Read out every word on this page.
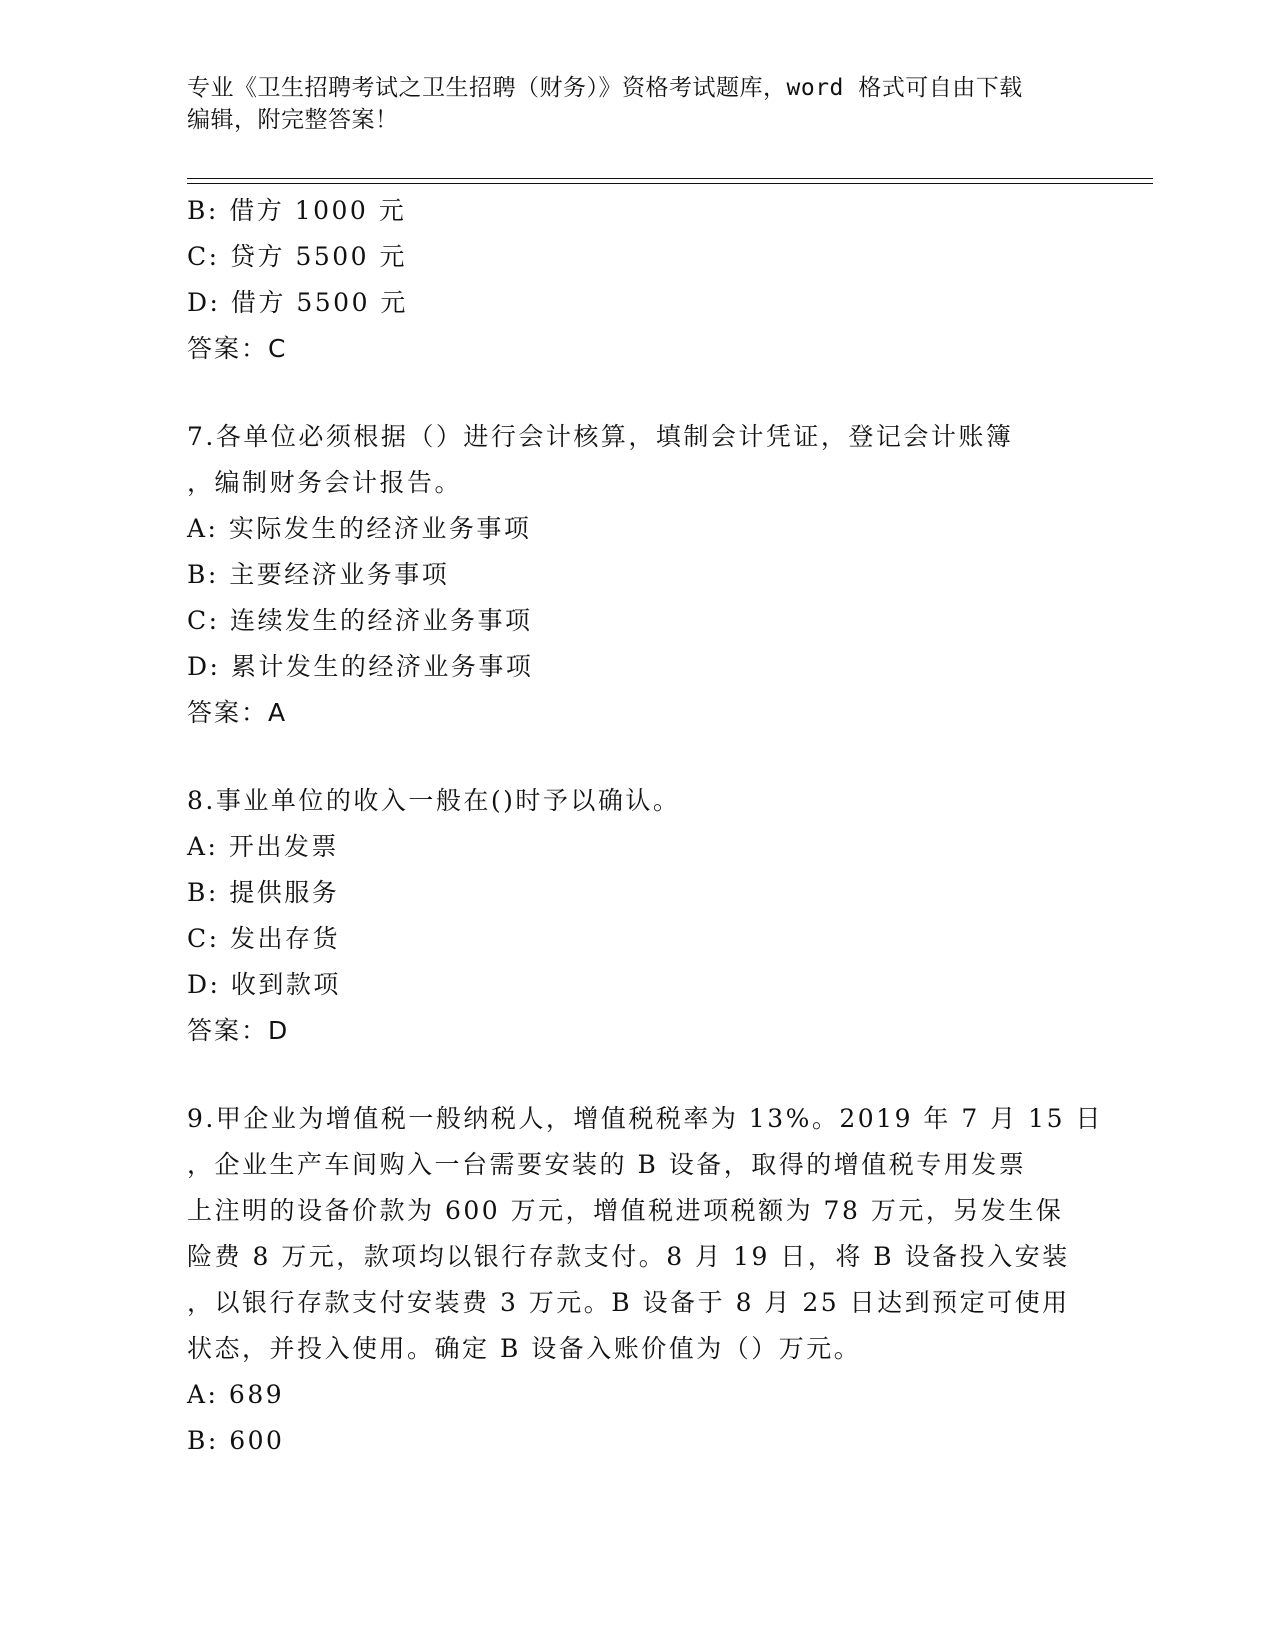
专业《卫生招聘考试之卫生招聘（财务）》资格考试题库，word 格式可自由下载
编辑，附完整答案！
B: 借方 1000 元
C: 贷方 5500 元
D: 借方 5500 元
答案：C
7.各单位必须根据（）进行会计核算，填制会计凭证，登记会计账簿
，编制财务会计报告。
A: 实际发生的经济业务事项
B: 主要经济业务事项
C: 连续发生的经济业务事项
D: 累计发生的经济业务事项
答案：A
8.事业单位的收入一般在()时予以确认。
A: 开出发票
B: 提供服务
C: 发出存货
D: 收到款项
答案：D
9.甲企业为增值税一般纳税人，增值税税率为 13%。2019 年 7 月 15 日
，企业生产车间购入一台需要安装的 B 设备，取得的增值税专用发票
上注明的设备价款为 600 万元，增值税进项税额为 78 万元，另发生保
险费 8 万元，款项均以银行存款支付。8 月 19 日，将 B 设备投入安装
，以银行存款支付安装费 3 万元。B 设备于 8 月 25 日达到预定可使用
状态，并投入使用。确定 B 设备入账价值为（）万元。
A: 689
B: 600
